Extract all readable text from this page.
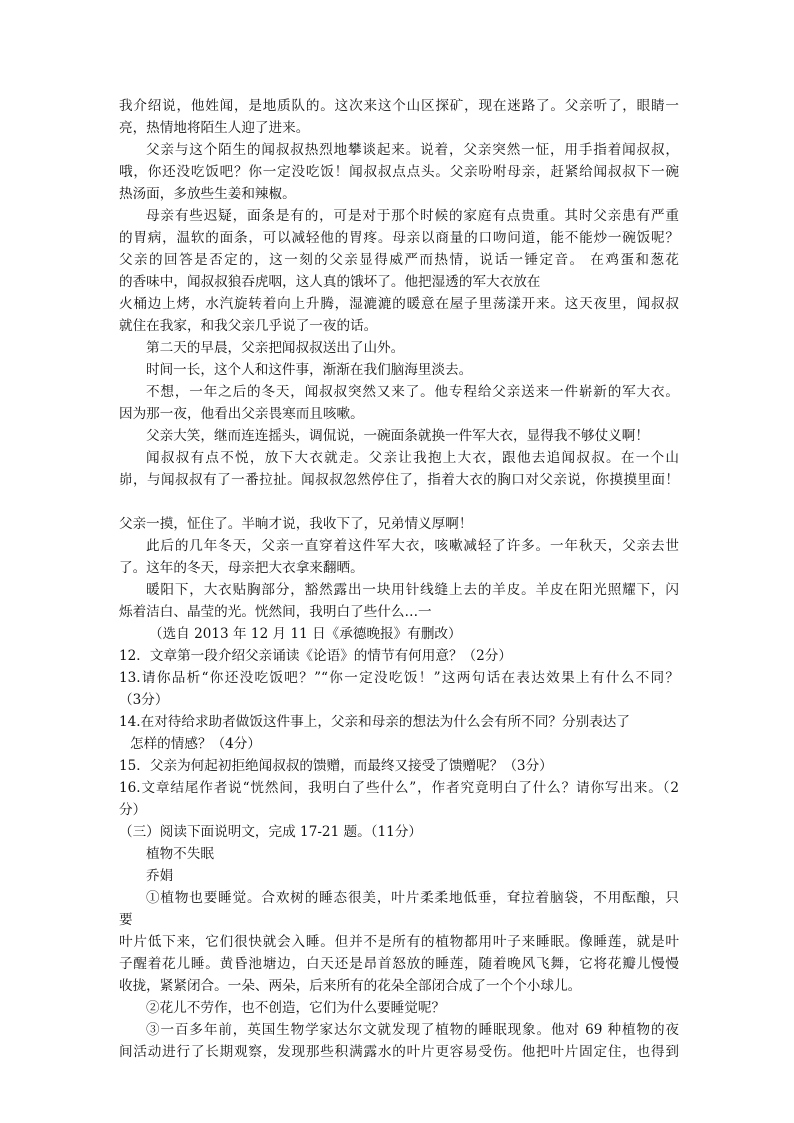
我介绍说，他姓闻，是地质队的。这次来这个山区探矿，现在迷路了。父亲听了，眼睛一
亮，热情地将陌生人迎了进来。
父亲与这个陌生的闻叔叔热烈地攀谈起来。说着，父亲突然一怔，用手指着闻叔叔，
哦，你还没吃饭吧？你一定没吃饭！闻叔叔点点头。父亲吩咐母亲，赶紧给闻叔叔下一碗
热汤面，多放些生姜和辣椒。
母亲有些迟疑，面条是有的，可是对于那个时候的家庭有点贵重。其时父亲患有严重
的胃病，温软的面条，可以减轻他的胃疼。母亲以商量的口吻问道，能不能炒一碗饭呢？
父亲的回答是否定的，这一刻的父亲显得威严而热情，说话一锤定音。 在鸡蛋和葱花
的香味中，闻叔叔狼吞虎咽，这人真的饿坏了。他把湿透的军大衣放在
火桶边上烤，水汽旋转着向上升腾，湿漉漉的暖意在屋子里荡漾开来。这天夜里，闻叔叔
就住在我家，和我父亲几乎说了一夜的话。
第二天的早晨，父亲把闻叔叔送出了山外。
时间一长，这个人和这件事，渐渐在我们脑海里淡去。
不想，一年之后的冬天，闻叔叔突然又来了。他专程给父亲送来一件崭新的军大衣。
因为那一夜，他看出父亲畏寒而且咳嗽。
父亲大笑，继而连连摇头，调侃说，一碗面条就换一件军大衣，显得我不够仗义啊！
闻叔叔有点不悦，放下大衣就走。父亲让我抱上大衣，跟他去追闻叔叔。在一个山
峁，与闻叔叔有了一番拉扯。闻叔叔忽然停住了，指着大衣的胸口对父亲说，你摸摸里面！
父亲一摸，怔住了。半晌才说，我收下了，兄弟情义厚啊！
此后的几年冬天，父亲一直穿着这件军大衣，咳嗽减轻了许多。一年秋天，父亲去世
了。这年的冬天，母亲把大衣拿来翻晒。
暖阳下，大衣贴胸部分，豁然露出一块用针线缝上去的羊皮。羊皮在阳光照耀下，闪
烁着洁白、晶莹的光。恍然间，我明白了些什么…一
（选自 2013 年 12 月 11 日《承德晚报》有删改）
12．文章第一段介绍父亲诵读《论语》的情节有何用意？（2分）
13.请你品析“你还没吃饭吧？”“你一定没吃饭！”这两句话在表达效果上有什么不同？
（3分）
14.在对待给求助者做饭这件事上，父亲和母亲的想法为什么会有所不同？分别表达了
怎样的情感？（4分）
15．父亲为何起初拒绝闻叔叔的馈赠，而最终又接受了馈赠呢？（3分）
16.文章结尾作者说“恍然间，我明白了些什么”，作者究竟明白了什么？请你写出来。（2
分）
（三）阅读下面说明文，完成 17-21 题。（11分）
植物不失眠
乔娟
①植物也要睡觉。合欢树的睡态很美，叶片柔柔地低垂，耷拉着脑袋，不用酝酿，只
要
叶片低下来，它们很快就会入睡。但并不是所有的植物都用叶子来睡眠。像睡莲，就是叶
子醒着花儿睡。黄昏池塘边，白天还是昂首怒放的睡莲，随着晚风飞舞，它将花瓣儿慢慢
收拢，紧紧闭合。一朵、两朵，后来所有的花朵全部闭合成了一个个小球儿。
②花儿不劳作，也不创造，它们为什么要睡觉呢？
③一百多年前，英国生物学家达尔文就发现了植物的睡眠现象。他对 69 种植物的夜
间活动进行了长期观察，发现那些积满露水的叶片更容易受伤。他把叶片固定住，也得到
